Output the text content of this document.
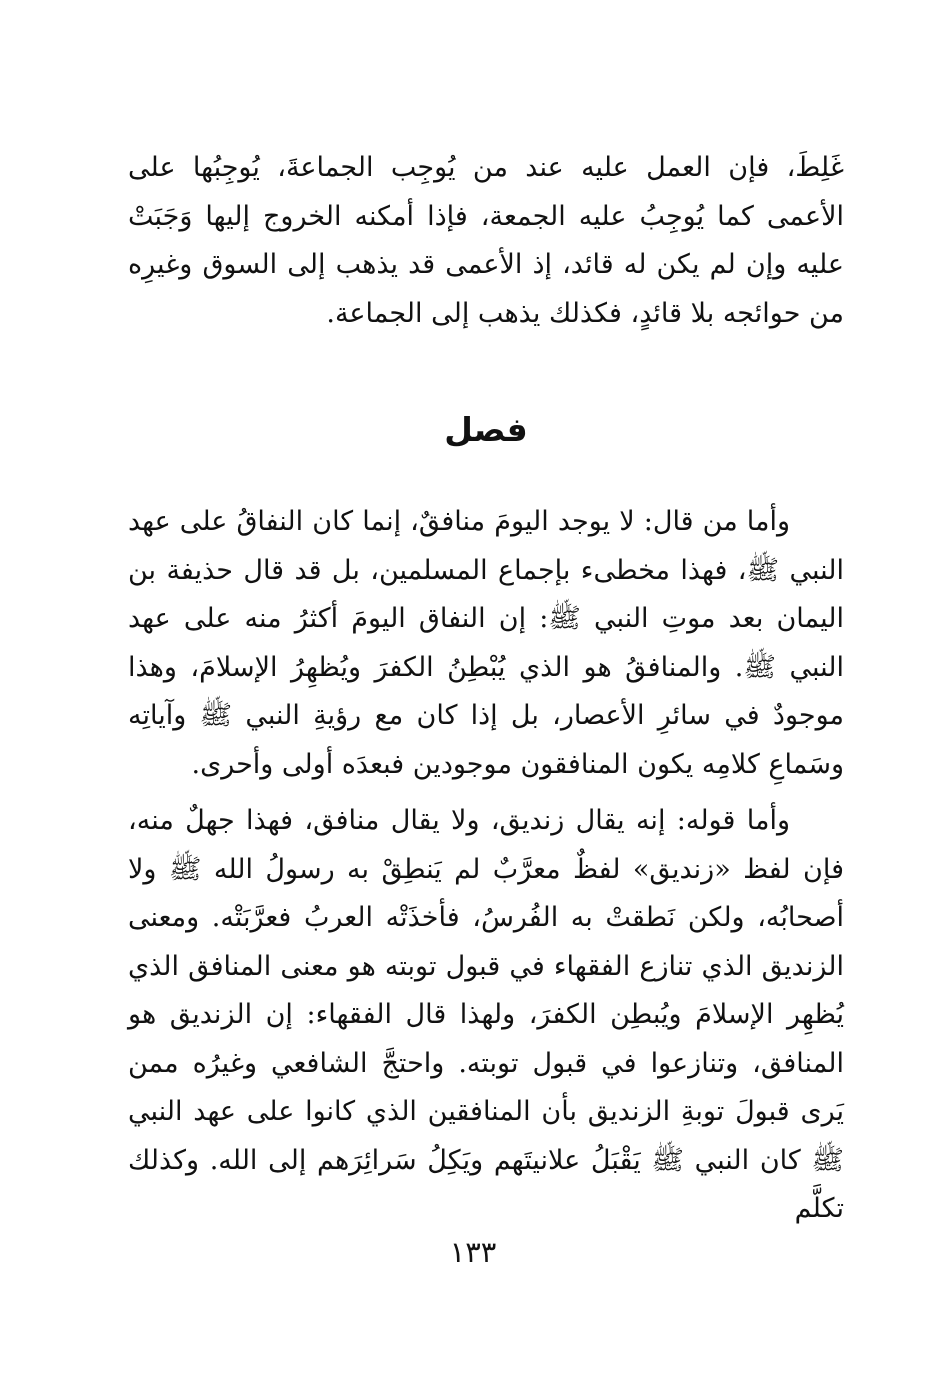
غَلِطَ، فإن العمل عليه عند من يُوجِب الجماعةَ، يُوجِبُها على الأعمى كما يُوجِبُ عليه الجمعة، فإذا أمكنه الخروج إليها وَجَبَتْ عليه وإن لم يكن له قائد، إذ الأعمى قد يذهب إلى السوق وغيرِه من حوائجه بلا قائدٍ، فكذلك يذهب إلى الجماعة.

فصل

وأما من قال: لا يوجد اليومَ منافقٌ، إنما كان النفاقُ على عهد النبي ﷺ، فهذا مخطىء بإجماع المسلمين، بل قد قال حذيفة بن اليمان بعد موتِ النبي ﷺ: إن النفاق اليومَ أكثرُ منه على عهد النبي ﷺ. والمنافقُ هو الذي يُبْطِنُ الكفرَ ويُظهِرُ الإسلامَ، وهذا موجودٌ في سائرِ الأعصار، بل إذا كان مع رؤيةِ النبي ﷺ وآياتِه وسَماعِ كلامِه يكون المنافقون موجودين فبعدَه أولى وأحرى.

وأما قوله: إنه يقال زنديق، ولا يقال منافق، فهذا جهلٌ منه، فإن لفظ «زنديق» لفظٌ معرَّبٌ لم يَنطِقْ به رسولُ الله ﷺ ولا أصحابُه، ولكن نَطقتْ به الفُرسُ، فأخذَتْه العربُ فعرَّبَتْه. ومعنى الزنديق الذي تنازع الفقهاء في قبول توبته هو معنى المنافق الذي يُظهِر الإسلامَ ويُبطِن الكفرَ، ولهذا قال الفقهاء: إن الزنديق هو المنافق، وتنازعوا في قبول توبته. واحتجَّ الشافعي وغيرُه ممن يَرى قبولَ توبةِ الزنديق بأن المنافقين الذي كانوا على عهد النبي ﷺ كان النبي ﷺ يَقْبَلُ علانيتَهم ويَكِلُ سَرائِرَهم إلى الله. وكذلك تكلَّم

١٣٣
